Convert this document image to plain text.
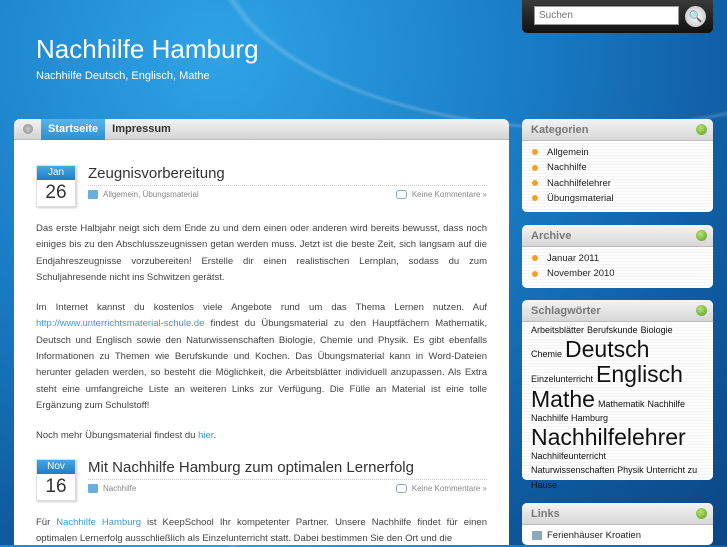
Suchen
🔍
Nachhilfe Hamburg
Nachhilfe Deutsch, Englisch, Mathe
Startseite	Impressum
Jan
26
Zeugnisvorbereitung
Allgemein, Übungsmaterial	Keine Kommentare »

Das erste Halbjahr neigt sich dem Ende zu und dem einen oder anderen wird bereits bewusst, dass noch einiges bis zu den Abschlusszeugnissen getan werden muss. Jetzt ist die beste Zeit, sich langsam auf die Endjahreszeugnisse vorzubereiten! Erstelle dir einen realistischen Lernplan, sodass du zum Schuljahresende nicht ins Schwitzen gerätst.

Im Internet kannst du kostenlos viele Angebote rund um das Thema Lernen nutzen. Auf http://www.unterrichtsmaterial-schule.de findest du Übungsmaterial zu den Hauptfächern Mathematik, Deutsch und Englisch sowie den Naturwissenschaften Biologie, Chemie und Physik. Es gibt ebenfalls Informationen zu Themen wie Berufskunde und Kochen. Das Übungsmaterial kann in Word-Dateien herunter geladen werden, so besteht die Möglichkeit, die Arbeitsblätter individuell anzupassen. Als Extra steht eine umfangreiche Liste an weiteren Links zur Verfügung. Die Fülle an Material ist eine tolle Ergänzung zum Schulstoff!

Noch mehr Übungsmaterial findest du hier.

Nov
16
Mit Nachhilfe Hamburg zum optimalen Lernerfolg
Nachhilfe	Keine Kommentare »

Für Nachhilfe Hamburg ist KeepSchool Ihr kompetenter Partner. Unsere Nachhilfe findet für einen optimalen Lernerfolg ausschließlich als Einzelunterricht statt. Dabei bestimmen Sie den Ort und die

Kategorien
Allgemein
Nachhilfe
Nachhilfelehrer
Übungsmaterial
Archive
Januar 2011
November 2010
Schlagwörter
Arbeitsblätter Berufskunde Biologie
Chemie Deutsch
Einzelunterricht Englisch
Mathe Mathematik Nachhilfe
Nachhilfe Hamburg
Nachhilfelehrer
Nachhilfeunterricht
Naturwissenschaften Physik Unterricht zu Hause
Links
Ferienhäuser Kroatien
